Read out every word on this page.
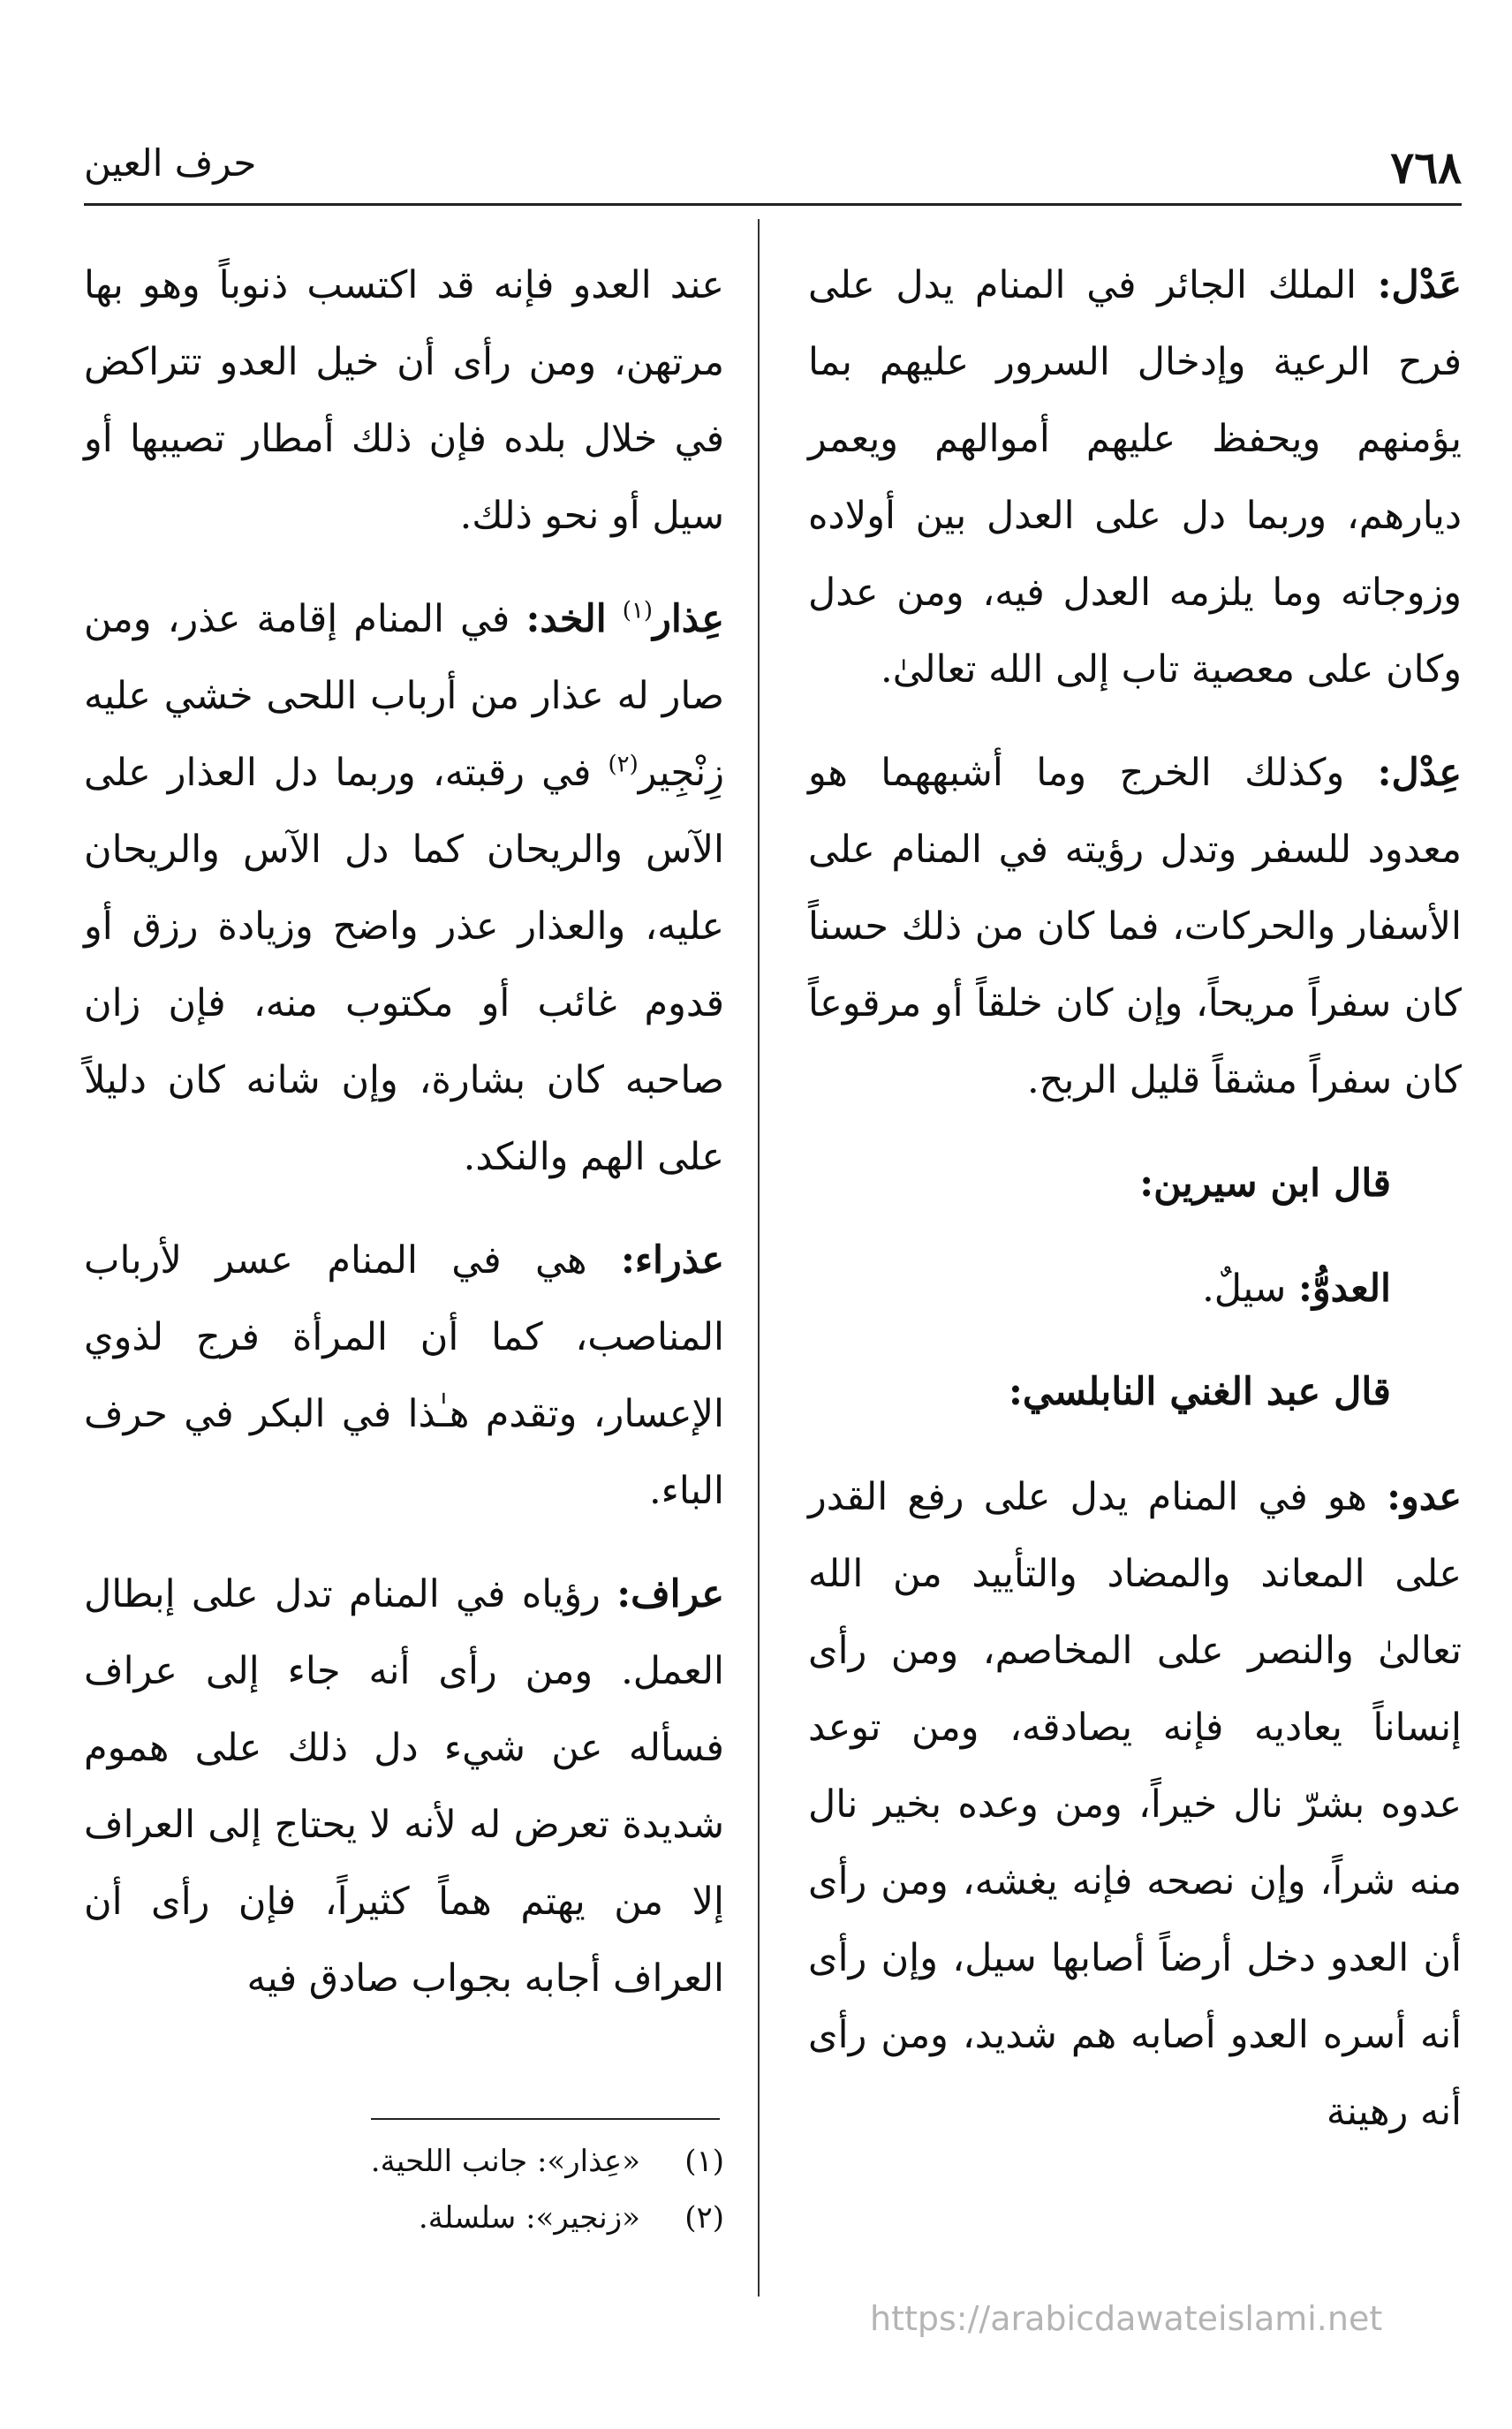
٧٦٨
حرف العين

عَدْل: الملك الجائر في المنام يدل على فرح الرعية وإدخال السرور عليهم بما يؤمنهم ويحفظ عليهم أموالهم ويعمر ديارهم، وربما دل على العدل بين أولاده وزوجاته وما يلزمه العدل فيه، ومن عدل وكان على معصية تاب إلى الله تعالىٰ.

عِدْل: وكذلك الخرج وما أشبههما هو معدود للسفر وتدل رؤيته في المنام على الأسفار والحركات، فما كان من ذلك حسناً كان سفراً مريحاً، وإن كان خلقاً أو مرقوعاً كان سفراً مشقاً قليل الربح.

قال ابن سيرين:

العدوُّ: سيلٌ.

قال عبد الغني النابلسي:

عدو: هو في المنام يدل على رفع القدر على المعاند والمضاد والتأييد من الله تعالىٰ والنصر على المخاصم، ومن رأى إنساناً يعاديه فإنه يصادقه، ومن توعد عدوه بشرّ نال خيراً، ومن وعده بخير نال منه شراً، وإن نصحه فإنه يغشه، ومن رأى أن العدو دخل أرضاً أصابها سيل، وإن رأى أنه أسره العدو أصابه هم شديد، ومن رأى أنه رهينة

عند العدو فإنه قد اكتسب ذنوباً وهو بها مرتهن، ومن رأى أن خيل العدو تتراكض في خلال بلده فإن ذلك أمطار تصيبها أو سيل أو نحو ذلك.

عِذار$^{(١)}$ الخد: في المنام إقامة عذر، ومن صار له عذار من أرباب اللحى خشي عليه زِنْجِير$^{(٢)}$ في رقبته، وربما دل العذار على الآس والريحان كما دل الآس والريحان عليه، والعذار عذر واضح وزيادة رزق أو قدوم غائب أو مكتوب منه، فإن زان صاحبه كان بشارة، وإن شانه كان دليلاً على الهم والنكد.

عذراء: هي في المنام عسر لأرباب المناصب، كما أن المرأة فرج لذوي الإعسار، وتقدم هـٰذا في البكر في حرف الباء.

عراف: رؤياه في المنام تدل على إبطال العمل. ومن رأى أنه جاء إلى عراف فسأله عن شيء دل ذلك على هموم شديدة تعرض له لأنه لا يحتاج إلى العراف إلا من يهتم هماً كثيراً، فإن رأى أن العراف أجابه بجواب صادق فيه

(١)
«عِذار»: جانب اللحية.
(٢)
«زنجير»: سلسلة.
https://arabicdawateislami.net
